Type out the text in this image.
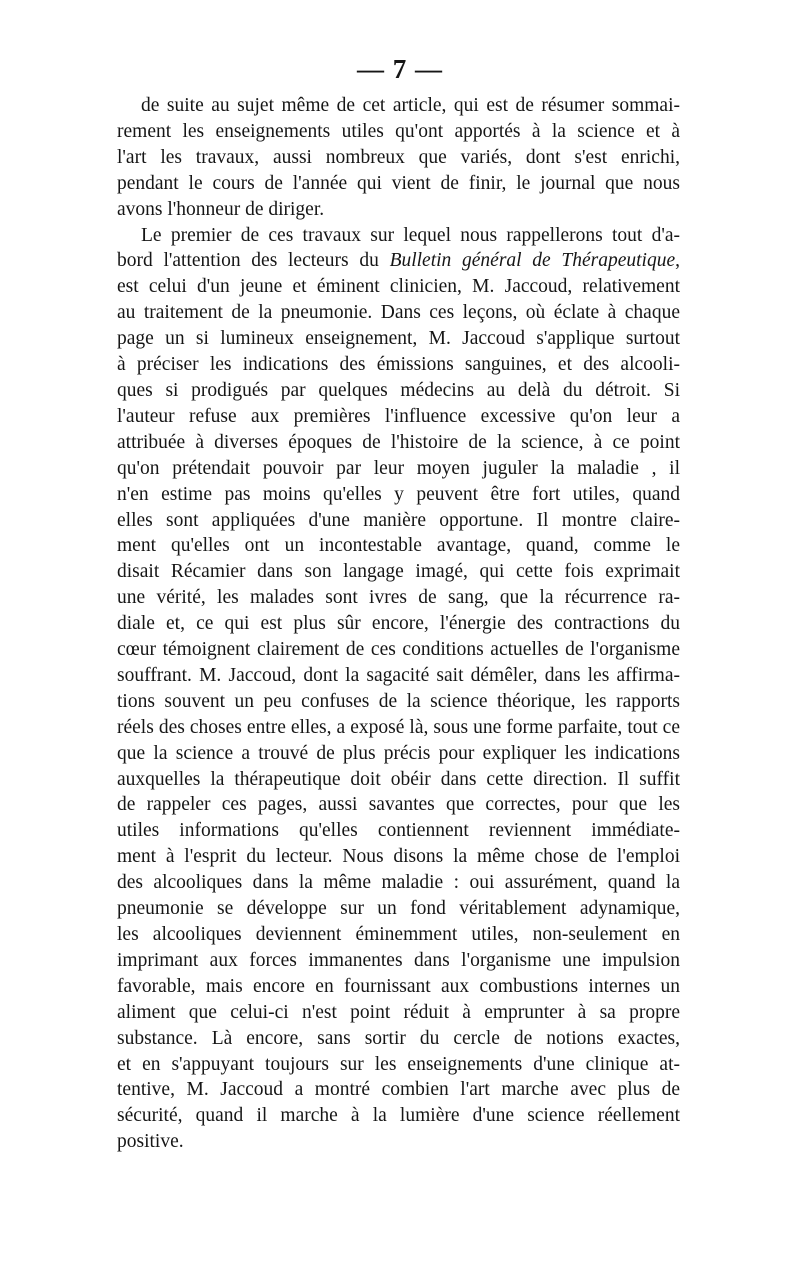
— 7 —

de suite au sujet même de cet article, qui est de résumer sommai-

rement les enseignements utiles qu'ont apportés à la science et à

l'art les travaux, aussi nombreux que variés, dont s'est enrichi,

pendant le cours de l'année qui vient de finir, le journal que nous

avons l'honneur de diriger.

Le premier de ces travaux sur lequel nous rappellerons tout d'a-

bord l'attention des lecteurs du Bulletin général de Thérapeutique,

est celui d'un jeune et éminent clinicien, M. Jaccoud, relativement

au traitement de la pneumonie. Dans ces leçons, où éclate à chaque

page un si lumineux enseignement, M. Jaccoud s'applique surtout

à préciser les indications des émissions sanguines, et des alcooli-

ques si prodigués par quelques médecins au delà du détroit. Si

l'auteur refuse aux premières l'influence excessive qu'on leur a

attribuée à diverses époques de l'histoire de la science, à ce point

qu'on prétendait pouvoir par leur moyen juguler la maladie , il

n'en estime pas moins qu'elles y peuvent être fort utiles, quand

elles sont appliquées d'une manière opportune. Il montre claire-

ment qu'elles ont un incontestable avantage, quand, comme le

disait Récamier dans son langage imagé, qui cette fois exprimait

une vérité, les malades sont ivres de sang, que la récurrence ra-

diale et, ce qui est plus sûr encore, l'énergie des contractions du

cœur témoignent clairement de ces conditions actuelles de l'organisme

souffrant. M. Jaccoud, dont la sagacité sait démêler, dans les affirma-

tions souvent un peu confuses de la science théorique, les rapports

réels des choses entre elles, a exposé là, sous une forme parfaite, tout ce

que la science a trouvé de plus précis pour expliquer les indications

auxquelles la thérapeutique doit obéir dans cette direction. Il suffit

de rappeler ces pages, aussi savantes que correctes, pour que les

utiles informations qu'elles contiennent reviennent immédiate-

ment à l'esprit du lecteur. Nous disons la même chose de l'emploi

des alcooliques dans la même maladie : oui assurément, quand la

pneumonie se développe sur un fond véritablement adynamique,

les alcooliques deviennent éminemment utiles, non-seulement en

imprimant aux forces immanentes dans l'organisme une impulsion

favorable, mais encore en fournissant aux combustions internes un

aliment que celui-ci n'est point réduit à emprunter à sa propre

substance. Là encore, sans sortir du cercle de notions exactes,

et en s'appuyant toujours sur les enseignements d'une clinique at-

tentive, M. Jaccoud a montré combien l'art marche avec plus de

sécurité, quand il marche à la lumière d'une science réellement

positive.
